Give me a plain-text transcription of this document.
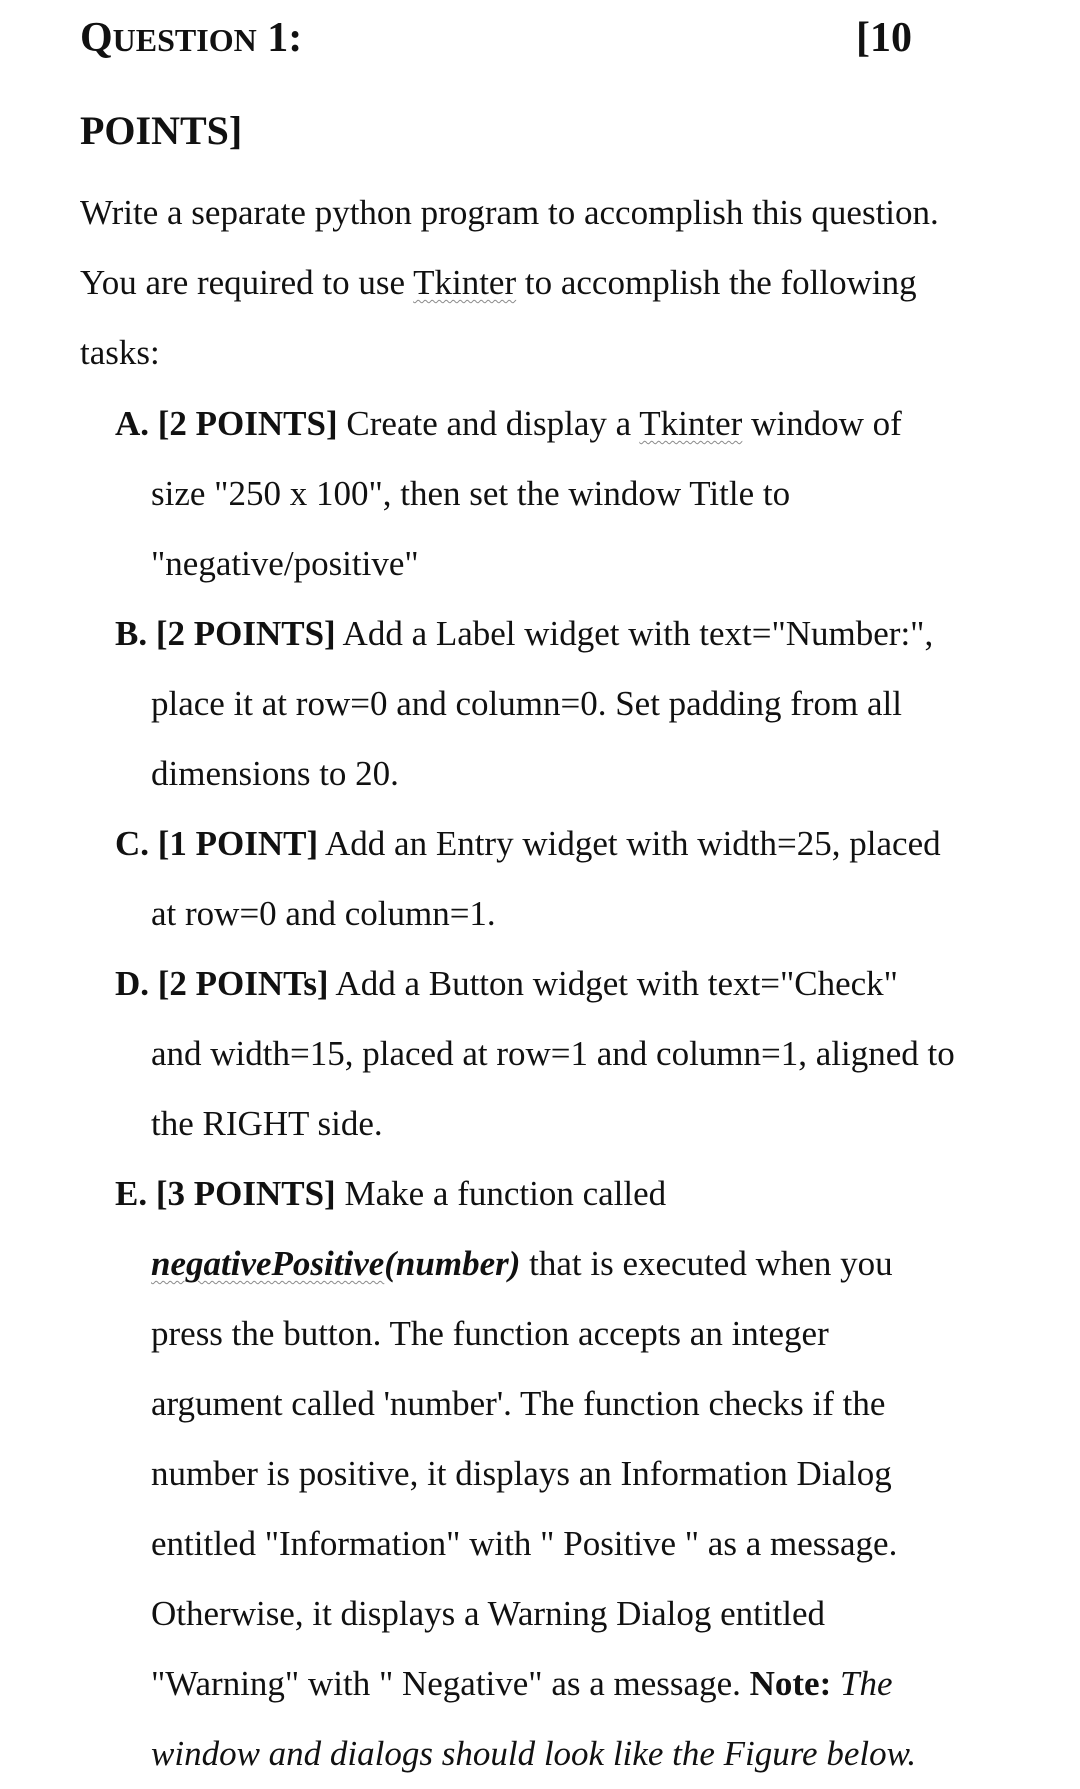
QUESTION 1:	[10
POINTS]
Write a separate python program to accomplish this question.
You are required to use Tkinter to accomplish the following
tasks:
A. [2 POINTS] Create and display a Tkinter window of
size "250 x 100", then set the window Title to
"negative/positive"
B. [2 POINTS] Add a Label widget with text="Number:",
place it at row=0 and column=0. Set padding from all
dimensions to 20.
C. [1 POINT] Add an Entry widget with width=25, placed
at row=0 and column=1.
D. [2 POINTs] Add a Button widget with text="Check"
and width=15, placed at row=1 and column=1, aligned to
the RIGHT side.
E. [3 POINTS] Make a function called
negativePositive(number) that is executed when you
press the button. The function accepts an integer
argument called 'number'. The function checks if the
number is positive, it displays an Information Dialog
entitled "Information" with " Positive " as a message.
Otherwise, it displays a Warning Dialog entitled
"Warning" with " Negative" as a message. Note: The
window and dialogs should look like the Figure below.
